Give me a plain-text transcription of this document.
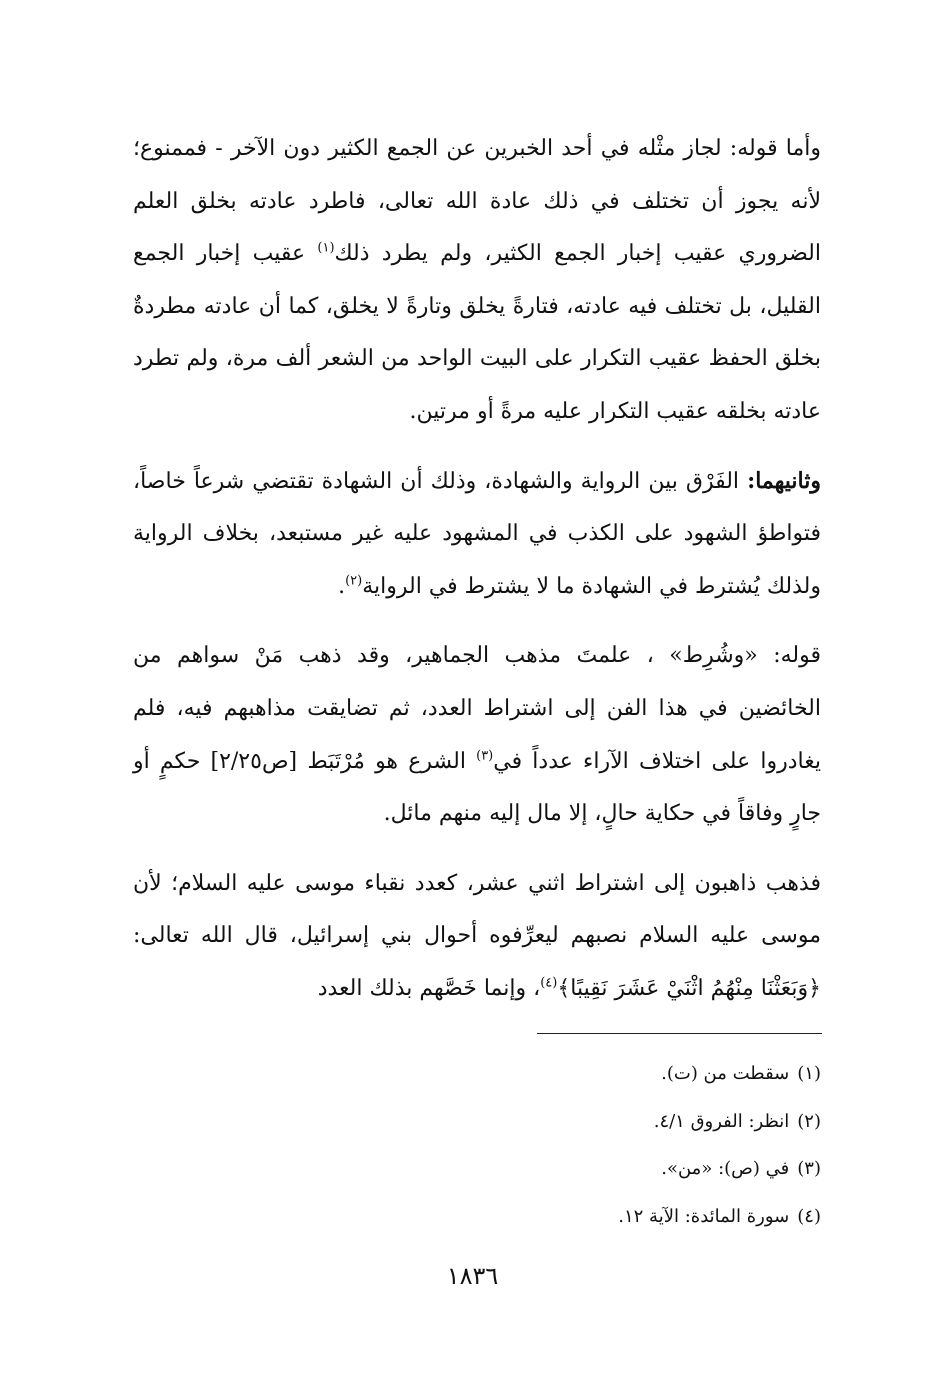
وأما قوله: لجاز مثْله في أحد الخبرين عن الجمع الكثير دون الآخر - فممنوع؛ لأنه يجوز أن تختلف في ذلك عادة الله تعالى، فاطرد عادته بخلق العلم الضروري عقيب إخبار الجمع الكثير، ولم يطرد ذلك$^{(١)}$ عقيب إخبار الجمع القليل، بل تختلف فيه عادته، فتارةً يخلق وتارةً لا يخلق، كما أن عادته مطردةٌ بخلق الحفظ عقيب التكرار على البيت الواحد من الشعر ألف مرة، ولم تطرد عادته بخلقه عقيب التكرار عليه مرةً أو مرتين.

وثانيهما: الفَرْق بين الرواية والشهادة، وذلك أن الشهادة تقتضي شرعاً خاصاً، فتواطؤ الشهود على الكذب في المشهود عليه غير مستبعد، بخلاف الرواية ولذلك يُشترط في الشهادة ما لا يشترط في الرواية$^{(٢)}$.

قوله: «وشُرِط» ، علمتَ مذهب الجماهير، وقد ذهب مَنْ سواهم من الخائضين في هذا الفن إلى اشتراط العدد، ثم تضايقت مذاهبهم فيه، فلم يغادروا على اختلاف الآراء عدداً في$^{(٣)}$ الشرع هو مُرْتَبَط [ص٢/٢٥] حكمٍ أو جارٍ وفاقاً في حكاية حالٍ، إلا مال إليه منهم مائل.

فذهب ذاهبون إلى اشتراط اثني عشر، كعدد نقباء موسى عليه السلام؛ لأن موسى عليه السلام نصبهم ليعرِّفوه أحوال بني إسرائيل، قال الله تعالى: ﴿وَبَعَثْنَا مِنْهُمُ اثْنَيْ عَشَرَ نَقِيبًا﴾$^{(٤)}$، وإنما خَصَّهم بذلك العدد

(١)سقطت من (ت).

(٢)انظر: الفروق ٤/١.

(٣)في (ص): «من».

(٤)سورة المائدة: الآية ١٢.

١٨٣٦
